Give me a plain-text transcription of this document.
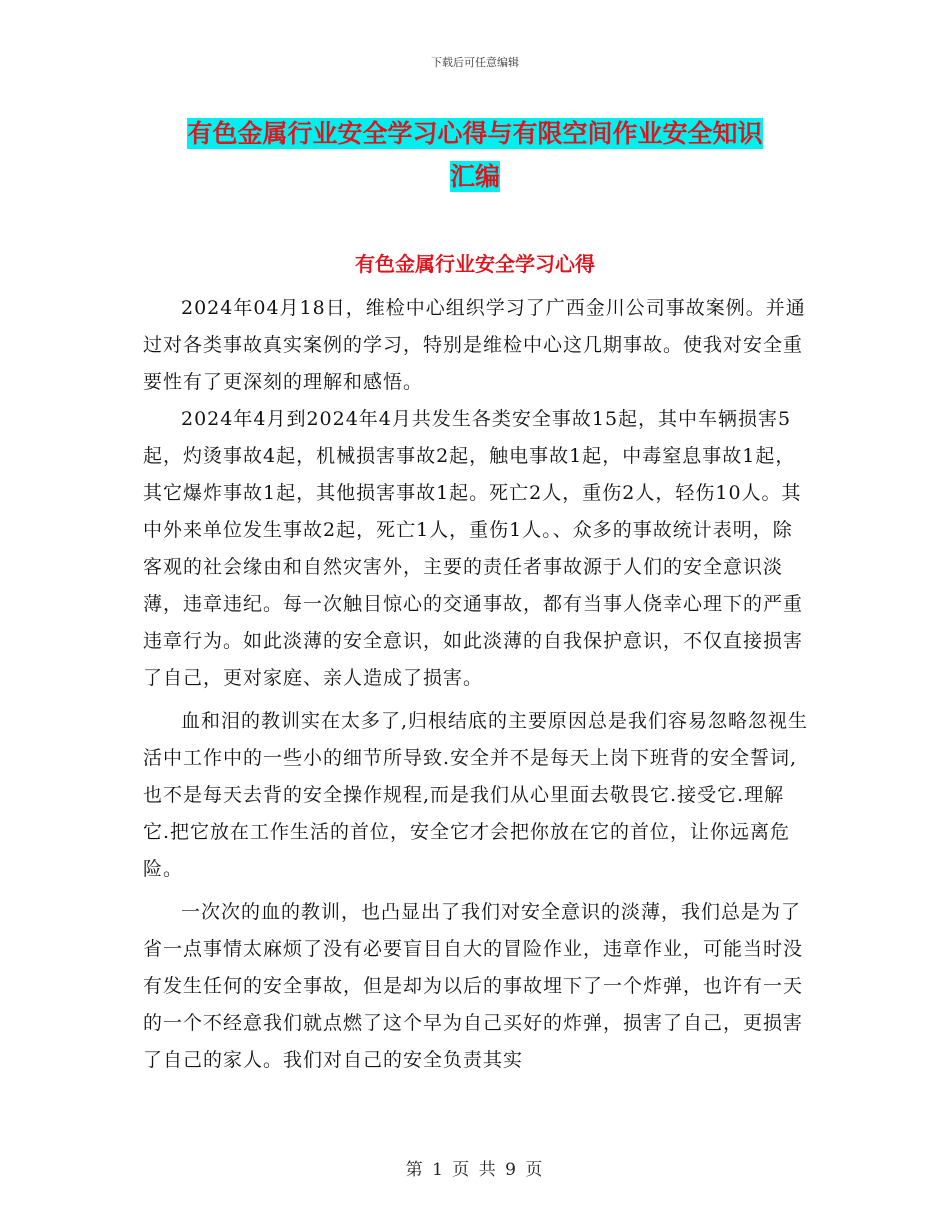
下载后可任意编辑
有色金属行业安全学习心得与有限空间作业安全知识
汇编
有色金属行业安全学习心得

2024年04月18日，维检中心组织学习了广西金川公司事故案例。并通过对各类事故真实案例的学习，特别是维检中心这几期事故。使我对安全重要性有了更深刻的理解和感悟。

2024年4月到2024年4月共发生各类安全事故15起，其中车辆损害5起，灼烫事故4起，机械损害事故2起，触电事故1起，中毒窒息事故1起，其它爆炸事故1起，其他损害事故1起。死亡2人，重伤2人，轻伤10人。其中外来单位发生事故2起，死亡1人，重伤1人。、众多的事故统计表明，除客观的社会缘由和自然灾害外，主要的责任者事故源于人们的安全意识淡薄，违章违纪。每一次触目惊心的交通事故，都有当事人侥幸心理下的严重违章行为。如此淡薄的安全意识，如此淡薄的自我保护意识，不仅直接损害了自己，更对家庭、亲人造成了损害。

血和泪的教训实在太多了,归根结底的主要原因总是我们容易忽略忽视生活中工作中的一些小的细节所导致.安全并不是每天上岗下班背的安全誓词,也不是每天去背的安全操作规程,而是我们从心里面去敬畏它.接受它.理解它.把它放在工作生活的首位，安全它才会把你放在它的首位，让你远离危险。

一次次的血的教训，也凸显出了我们对安全意识的淡薄，我们总是为了省一点事情太麻烦了没有必要盲目自大的冒险作业，违章作业，可能当时没有发生任何的安全事故，但是却为以后的事故埋下了一个炸弹，也许有一天的一个不经意我们就点燃了这个早为自己买好的炸弹，损害了自己，更损害了自己的家人。我们对自己的安全负责其实

第 1 页 共 9 页
